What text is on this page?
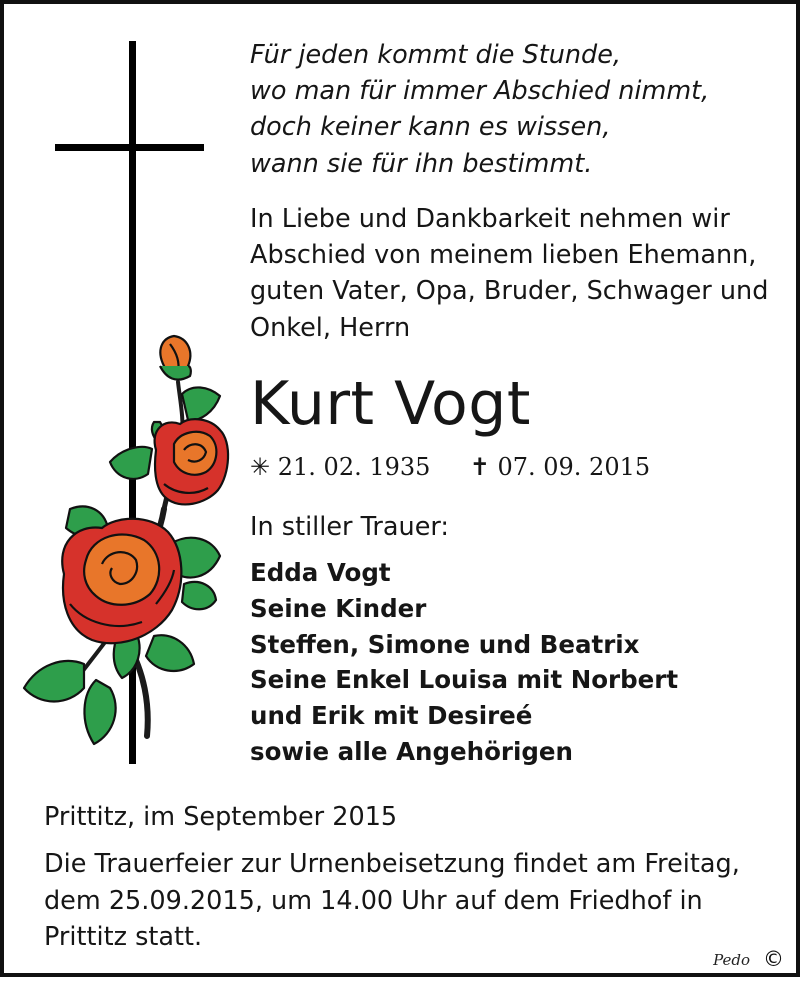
Für jeden kommt die Stunde,
wo man für immer Abschied nimmt,
doch keiner kann es wissen,
wann sie für ihn bestimmt.
In Liebe und Dankbarkeit nehmen wir
Abschied von meinem lieben Ehemann,
guten Vater, Opa, Bruder, Schwager und
Onkel, Herrn
Kurt Vogt
✳ 21. 02. 1935 ✝ 07. 09. 2015
In stiller Trauer:
Edda Vogt
Seine Kinder
Steffen, Simone und Beatrix
Seine Enkel Louisa mit Norbert
und Erik mit Desireé
sowie alle Angehörigen
Prittitz, im September 2015
Die Trauerfeier zur Urnenbeisetzung findet am Freitag,
dem 25.09.2015, um 14.00 Uhr auf dem Friedhof in
Prittitz statt.
Pedo ©
